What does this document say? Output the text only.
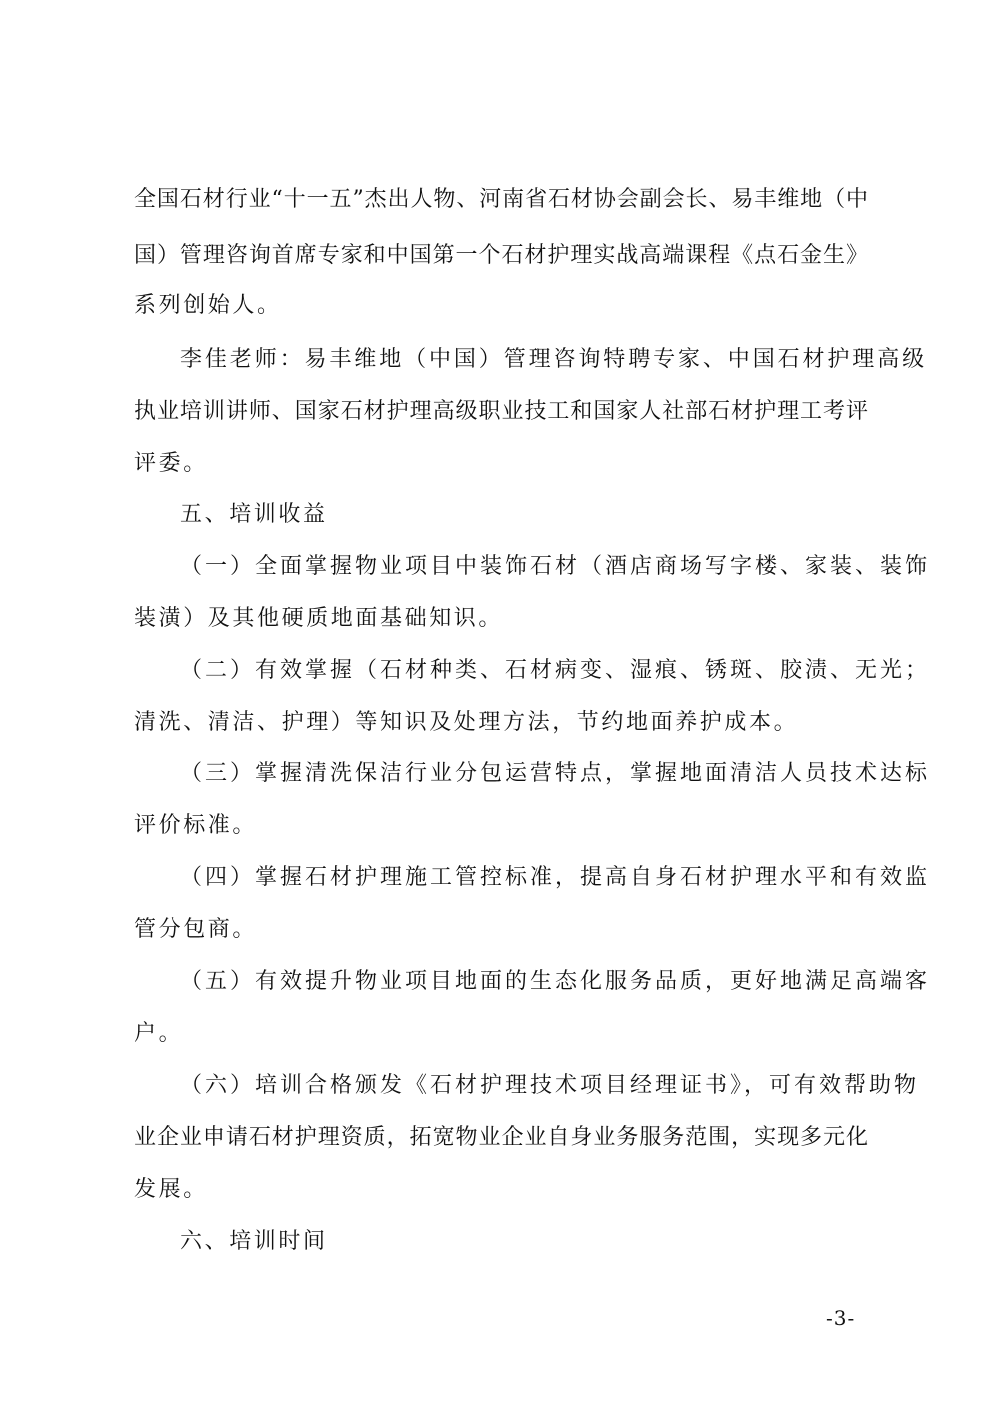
全国石材行业“十一五”杰出人物、河南省石材协会副会长、易丰维地（中
国）管理咨询首席专家和中国第一个石材护理实战高端课程《点石金生》
系列创始人。
李佳老师：易丰维地（中国）管理咨询特聘专家、中国石材护理高级
执业培训讲师、国家石材护理高级职业技工和国家人社部石材护理工考评
评委。
五、培训收益
（一）全面掌握物业项目中装饰石材（酒店商场写字楼、家装、装饰
装潢）及其他硬质地面基础知识。
（二）有效掌握（石材种类、石材病变、湿痕、锈斑、胶渍、无光；
清洗、清洁、护理）等知识及处理方法，节约地面养护成本。
（三）掌握清洗保洁行业分包运营特点，掌握地面清洁人员技术达标
评价标准。
（四）掌握石材护理施工管控标准，提高自身石材护理水平和有效监
管分包商。
（五）有效提升物业项目地面的生态化服务品质，更好地满足高端客
户。
（六）培训合格颁发《石材护理技术项目经理证书》，可有效帮助物
业企业申请石材护理资质，拓宽物业企业自身业务服务范围，实现多元化
发展。
六、培训时间
-3-
